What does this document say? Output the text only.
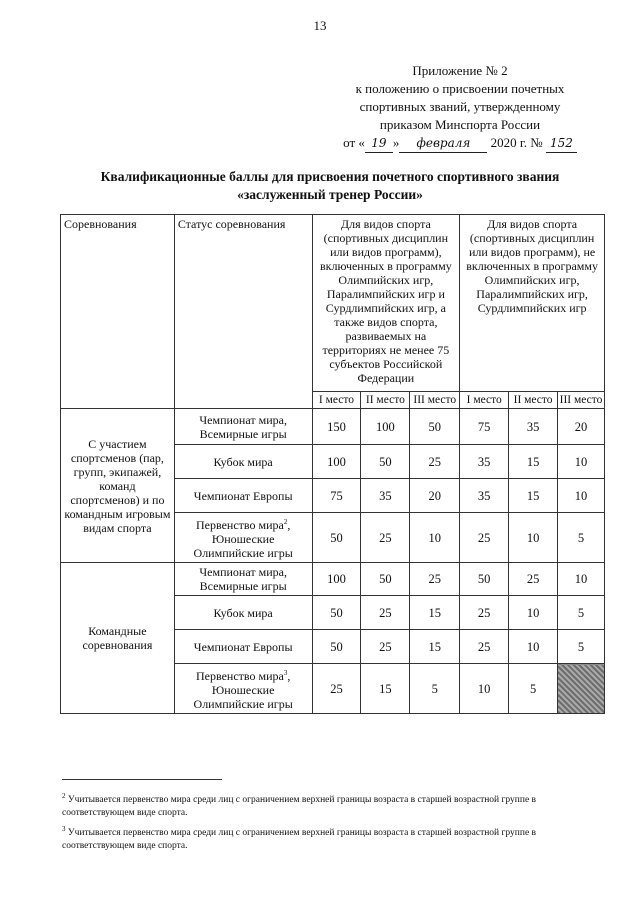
13
Приложение № 2
к положению о присвоении почетных
спортивных званий, утвержденному
приказом Минспорта России
от « 19 » февраля 2020 г. № 152
Квалификационные баллы для присвоения почетного спортивного звания
«заслуженный тренер России»
Соревнования	Статус соревнования	Для видов спорта (спортивных дисциплин или видов программ), включенных в программу Олимпийских игр, Паралимпийских игр и Сурдлимпийских игр, а также видов спорта, развиваемых на территориях не менее 75 субъектов Российской Федерации			Для видов спорта (спортивных дисциплин или видов программ), не включенных в программу Олимпийских игр, Паралимпийских игр, Сурдлимпийских игр		
		I место	II место	III место	I место	II место	III место
С участием спортсменов (пар, групп, экипажей, команд спортсменов) и по командным игровым видам спорта	Чемпионат мира, Всемирные игры	150	100	50	75	35	20
	Кубок мира	100	50	25	35	15	10
	Чемпионат Европы	75	35	20	35	15	10
	Первенство мира$^2$, Юношеские Олимпийские игры	50	25	10	25	10	5
Командные соревнования	Чемпионат мира, Всемирные игры	100	50	25	50	25	10
	Кубок мира	50	25	15	25	10	5
	Чемпионат Европы	50	25	15	25	10	5
	Первенство мира$^3$, Юношеские Олимпийские игры	25	15	5	10	5	

$^2$ Учитывается первенство мира среди лиц с ограничением верхней границы возраста в старшей возрастной группе в соответствующем виде спорта.

$^3$ Учитывается первенство мира среди лиц с ограничением верхней границы возраста в старшей возрастной группе в соответствующем виде спорта.
